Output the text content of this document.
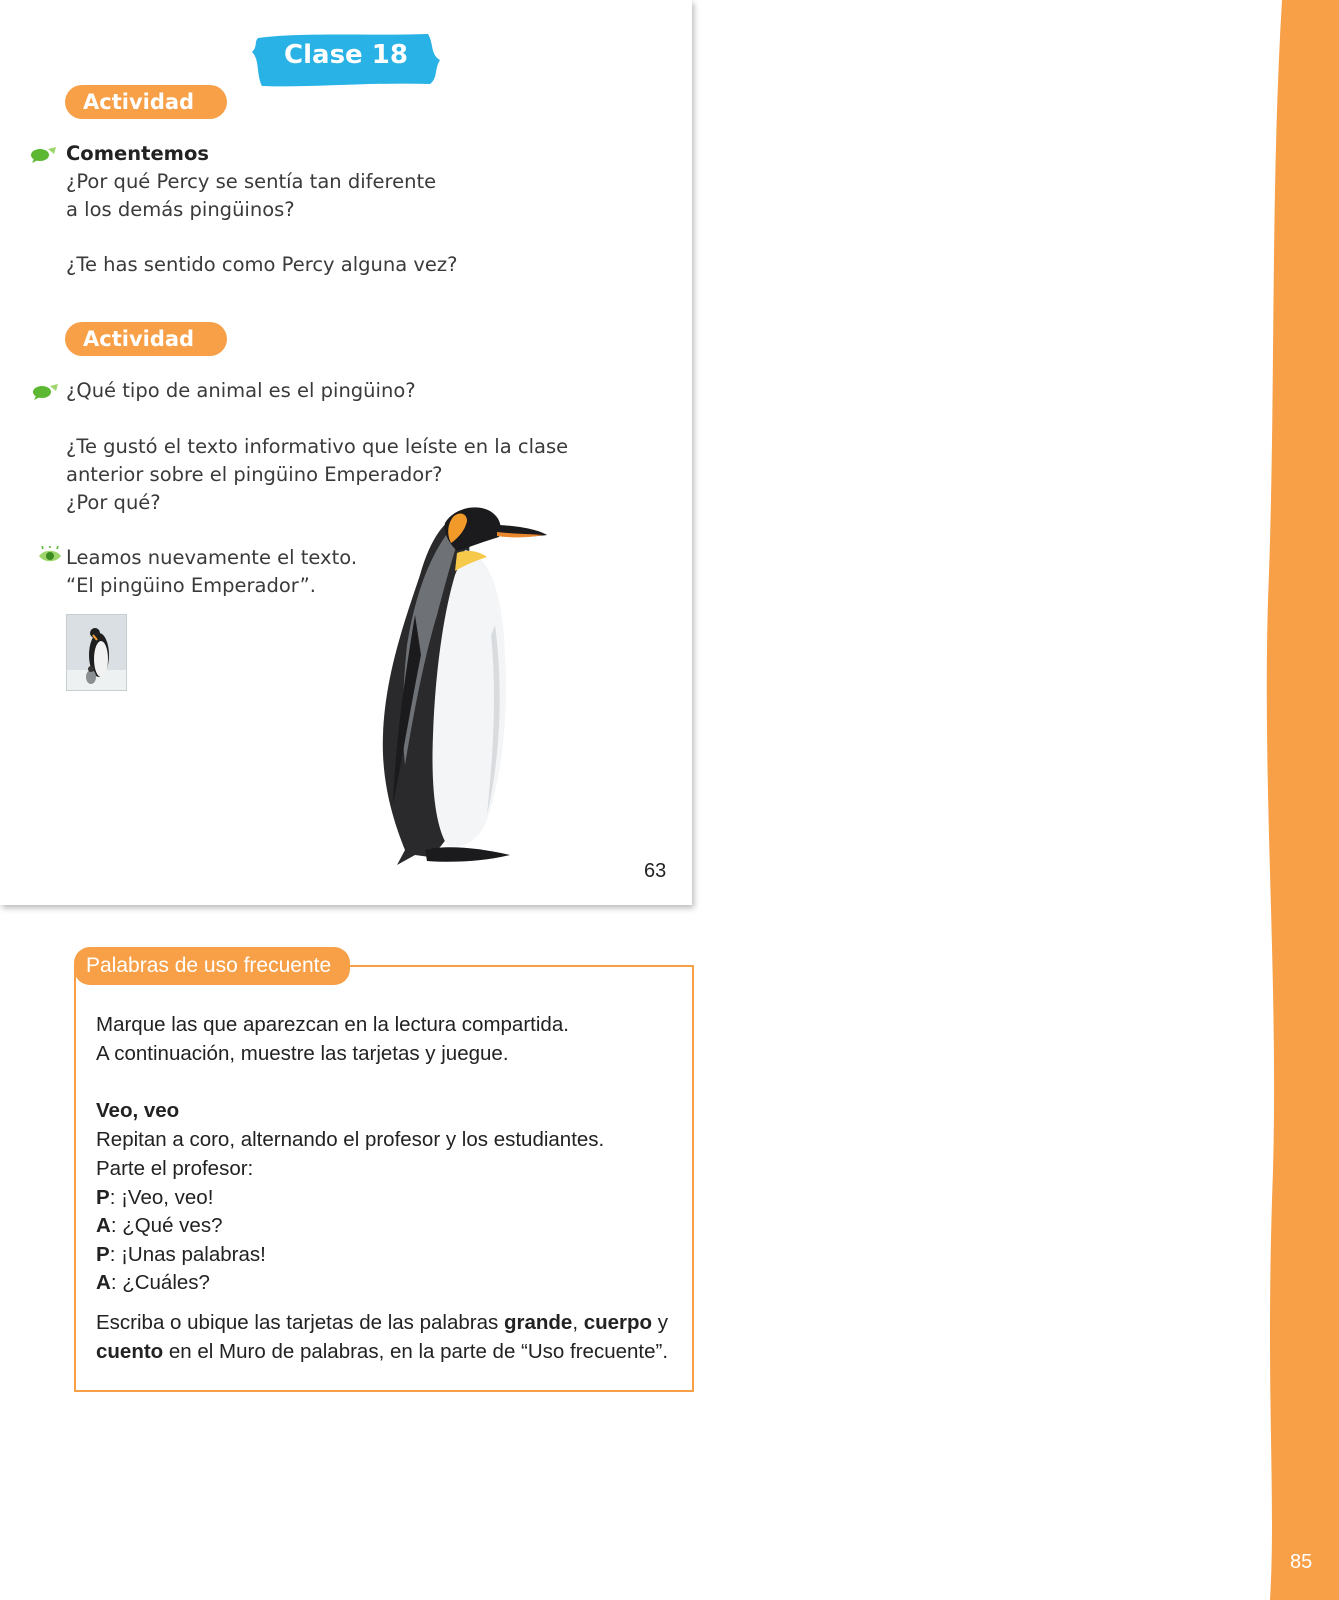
85
Clase 18
Actividad 1
Comentemos
¿Por qué Percy se sentía tan diferente
a los demás pingüinos?
¿Te has sentido como Percy alguna vez?
Actividad 2
¿Qué tipo de animal es el pingüino?
¿Te gustó el texto informativo que leíste en la clase
anterior sobre el pingüino Emperador?
¿Por qué?
Leamos nuevamente el texto.
“El pingüino Emperador”.
63
Palabras de uso frecuente
Marque las que aparezcan en la lectura compartida.
A continuación, muestre las tarjetas y juegue.
Veo, veo
Repitan a coro, alternando el profesor y los estudiantes.
Parte el profesor:
P: ¡Veo, veo!
A: ¿Qué ves?
P: ¡Unas palabras!
A: ¿Cuáles?
Escriba o ubique las tarjetas de las palabras grande, cuerpo y
cuento en el Muro de palabras, en la parte de “Uso frecuente”.
